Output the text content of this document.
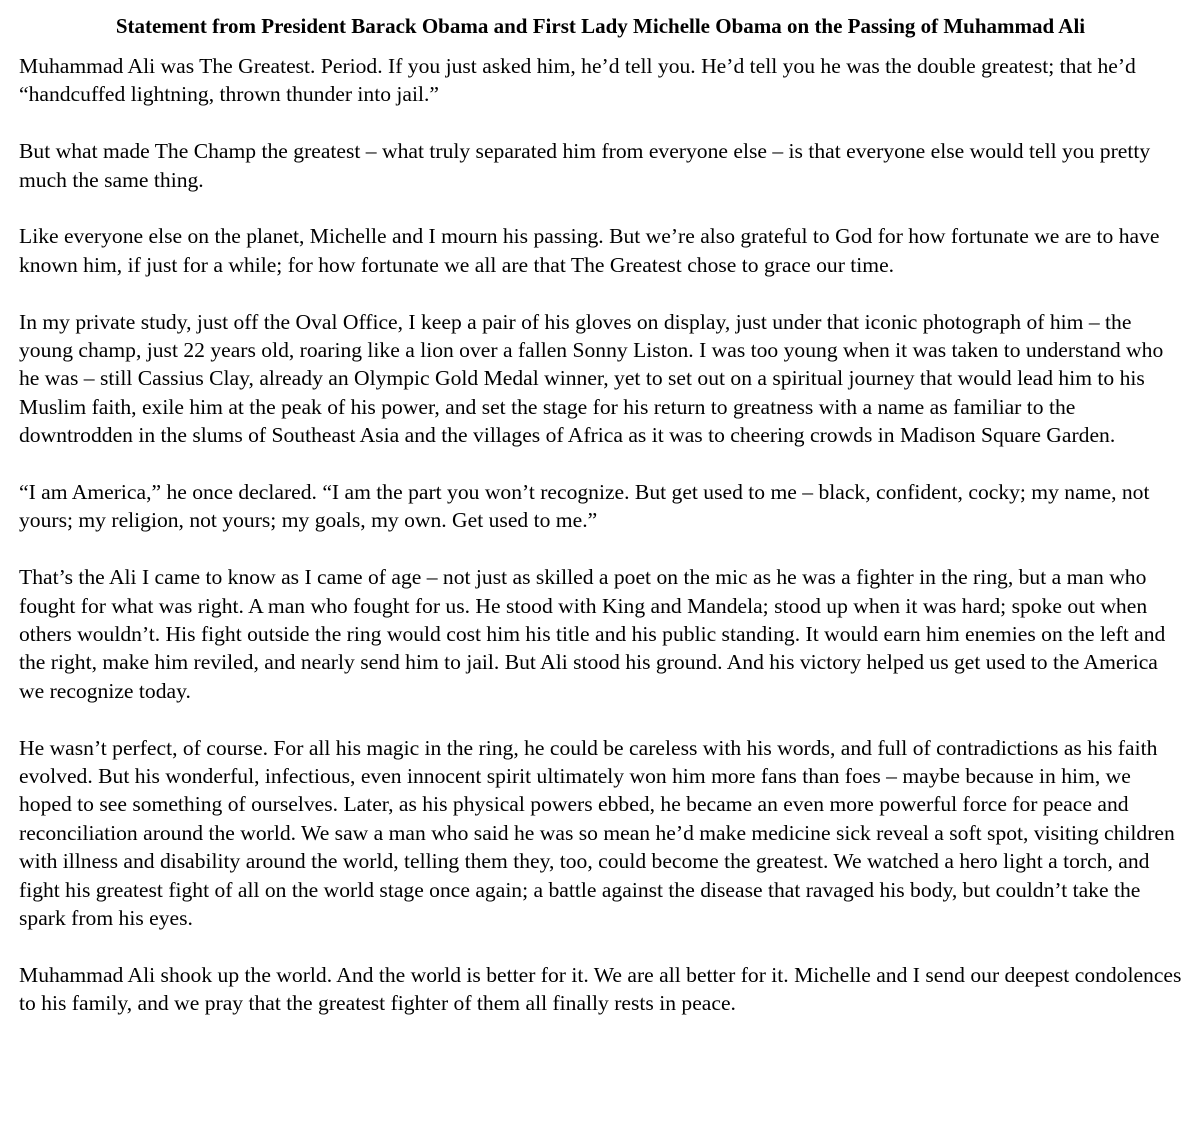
Statement from President Barack Obama and First Lady Michelle Obama on the Passing of Muhammad Ali

Muhammad Ali was The Greatest. Period. If you just asked him, he’d tell you. He’d tell you he was the double greatest; that he’d “handcuffed lightning, thrown thunder into jail.”

But what made The Champ the greatest – what truly separated him from everyone else – is that everyone else would tell you pretty much the same thing.

Like everyone else on the planet, Michelle and I mourn his passing. But we’re also grateful to God for how fortunate we are to have known him, if just for a while; for how fortunate we all are that The Greatest chose to grace our time.

In my private study, just off the Oval Office, I keep a pair of his gloves on display, just under that iconic photograph of him – the young champ, just 22 years old, roaring like a lion over a fallen Sonny Liston. I was too young when it was taken to understand who he was – still Cassius Clay, already an Olympic Gold Medal winner, yet to set out on a spiritual journey that would lead him to his Muslim faith, exile him at the peak of his power, and set the stage for his return to greatness with a name as familiar to the downtrodden in the slums of Southeast Asia and the villages of Africa as it was to cheering crowds in Madison Square Garden.

“I am America,” he once declared. “I am the part you won’t recognize. But get used to me – black, confident, cocky; my name, not yours; my religion, not yours; my goals, my own. Get used to me.”

That’s the Ali I came to know as I came of age – not just as skilled a poet on the mic as he was a fighter in the ring, but a man who fought for what was right. A man who fought for us. He stood with King and Mandela; stood up when it was hard; spoke out when others wouldn’t. His fight outside the ring would cost him his title and his public standing. It would earn him enemies on the left and the right, make him reviled, and nearly send him to jail. But Ali stood his ground. And his victory helped us get used to the America we recognize today.

He wasn’t perfect, of course. For all his magic in the ring, he could be careless with his words, and full of contradictions as his faith evolved. But his wonderful, infectious, even innocent spirit ultimately won him more fans than foes – maybe because in him, we hoped to see something of ourselves. Later, as his physical powers ebbed, he became an even more powerful force for peace and reconciliation around the world. We saw a man who said he was so mean he’d make medicine sick reveal a soft spot, visiting children with illness and disability around the world, telling them they, too, could become the greatest. We watched a hero light a torch, and fight his greatest fight of all on the world stage once again; a battle against the disease that ravaged his body, but couldn’t take the spark from his eyes.

Muhammad Ali shook up the world. And the world is better for it. We are all better for it. Michelle and I send our deepest condolences to his family, and we pray that the greatest fighter of them all finally rests in peace.
